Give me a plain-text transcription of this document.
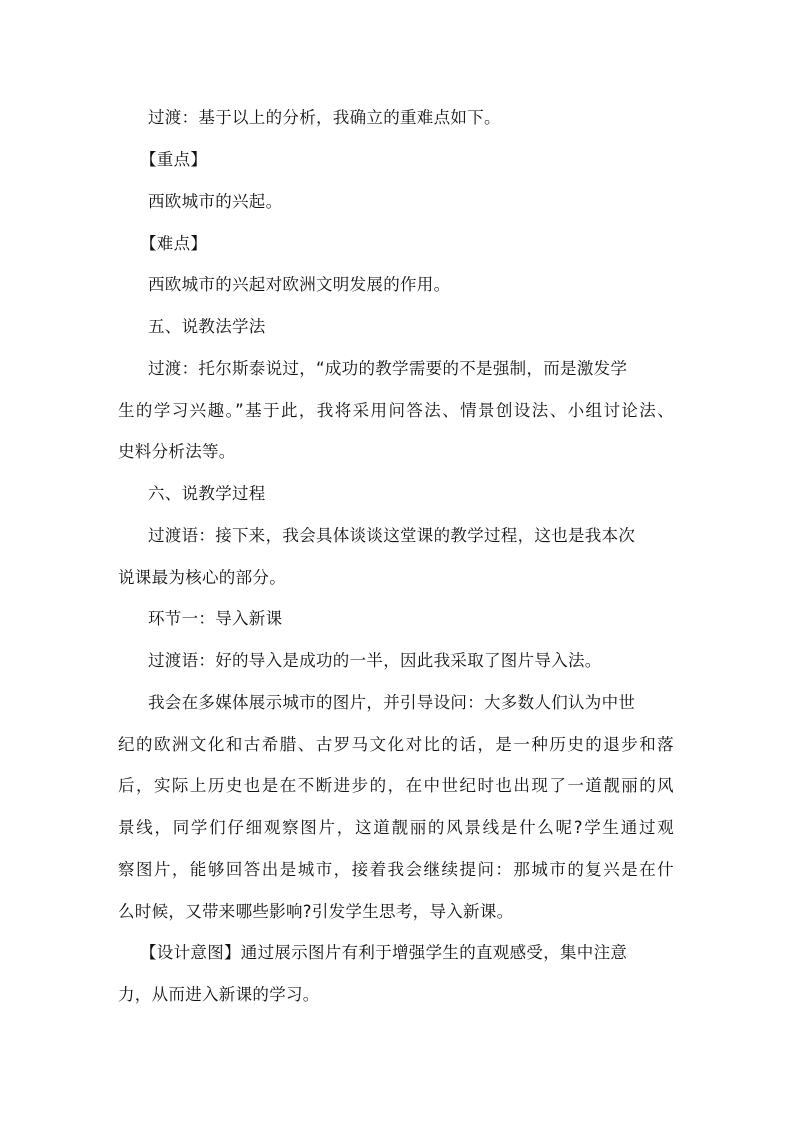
过渡：基于以上的分析，我确立的重难点如下。
【重点】
西欧城市的兴起。
【难点】
西欧城市的兴起对欧洲文明发展的作用。
五、说教法学法
过渡：托尔斯泰说过，“成功的教学需要的不是强制，而是激发学
生的学习兴趣。”基于此，我将采用问答法、情景创设法、小组讨论法、
史料分析法等。
六、说教学过程
过渡语：接下来，我会具体谈谈这堂课的教学过程，这也是我本次
说课最为核心的部分。
环节一：导入新课
过渡语：好的导入是成功的一半，因此我采取了图片导入法。
我会在多媒体展示城市的图片，并引导设问：大多数人们认为中世
纪的欧洲文化和古希腊、古罗马文化对比的话，是一种历史的退步和落
后，实际上历史也是在不断进步的，在中世纪时也出现了一道靓丽的风
景线，同学们仔细观察图片，这道靓丽的风景线是什么呢?学生通过观
察图片，能够回答出是城市，接着我会继续提问：那城市的复兴是在什
么时候，又带来哪些影响?引发学生思考，导入新课。
【设计意图】通过展示图片有利于增强学生的直观感受，集中注意
力，从而进入新课的学习。
